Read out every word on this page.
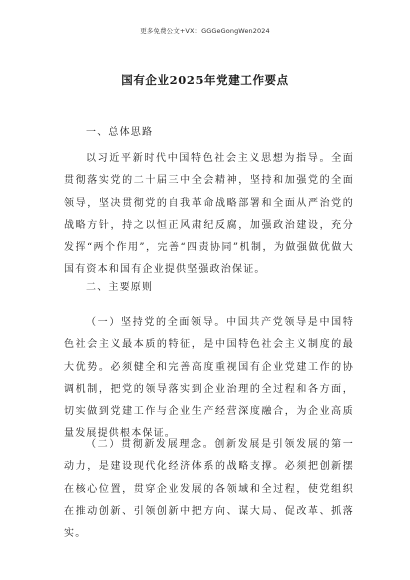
更多免费公文+VX：GGGeGongWen2024
国有企业2025年党建工作要点
一、总体思路
以习近平新时代中国特色社会主义思想为指导。全面贯彻落实党的二十届三中全会精神，坚持和加强党的全面领导，坚决贯彻党的自我革命战略部署和全面从严治党的战略方针，持之以恒正风肃纪反腐，加强政治建设，充分发挥“两个作用”，完善“四责协同”机制，为做强做优做大国有资本和国有企业提供坚强政治保证。
二、主要原则
（一）坚持党的全面领导。中国共产党领导是中国特色社会主义最本质的特征，是中国特色社会主义制度的最大优势。必须健全和完善高度重视国有企业党建工作的协调机制，把党的领导落实到企业治理的全过程和各方面，切实做到党建工作与企业生产经营深度融合，为企业高质量发展提供根本保证。
（二）贯彻新发展理念。创新发展是引领发展的第一动力，是建设现代化经济体系的战略支撑。必须把创新摆在核心位置，贯穿企业发展的各领域和全过程，使党组织在推动创新、引领创新中把方向、谋大局、促改革、抓落实。
